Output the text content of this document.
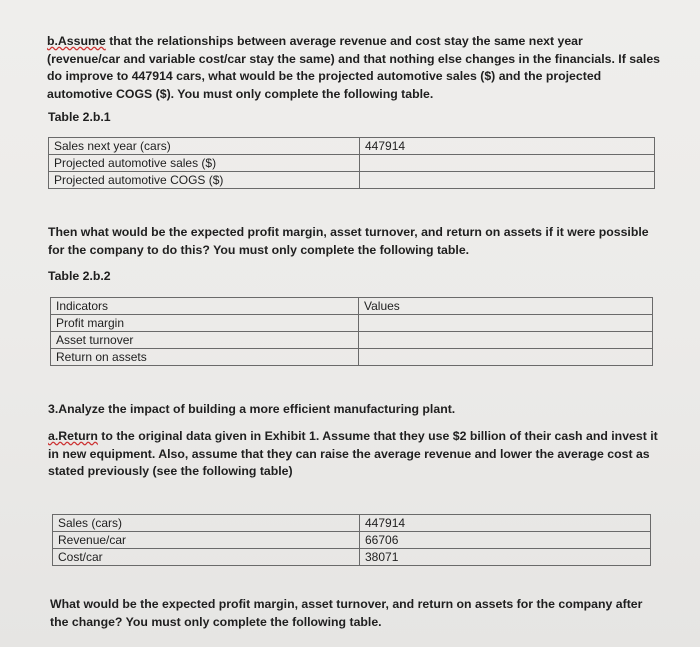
b.Assume that the relationships between average revenue and cost stay the same next year
(revenue/car and variable cost/car stay the same) and that nothing else changes in the financials. If sales
do improve to 447914 cars, what would be the projected automotive sales ($) and the projected
automotive COGS ($). You must only complete the following table.
Table 2.b.1
Sales next year (cars)	447914
Projected automotive sales ($)	
Projected automotive COGS ($)	
Then what would be the expected profit margin, asset turnover, and return on assets if it were possible
for the company to do this? You must only complete the following table.
Table 2.b.2
Indicators	Values
Profit margin	
Asset turnover	
Return on assets	
3.Analyze the impact of building a more efficient manufacturing plant.
a.Return to the original data given in Exhibit 1. Assume that they use $2 billion of their cash and invest it
in new equipment. Also, assume that they can raise the average revenue and lower the average cost as
stated previously (see the following table)
Sales (cars)	447914
Revenue/car	66706
Cost/car	38071
What would be the expected profit margin, asset turnover, and return on assets for the company after
the change? You must only complete the following table.
